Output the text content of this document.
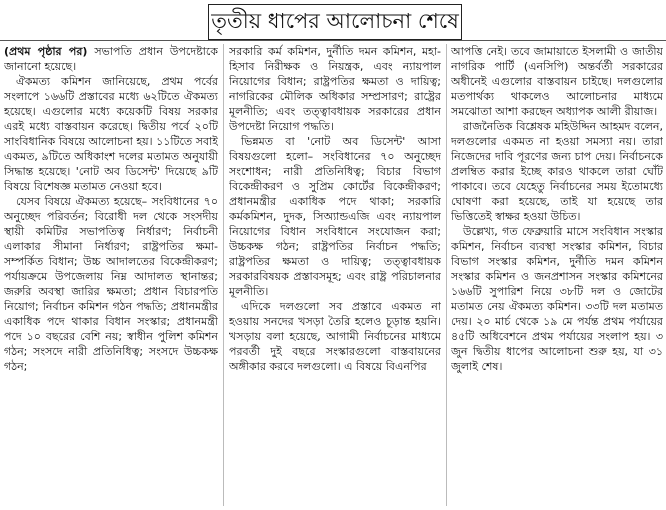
তৃতীয় ধাপের আলোচনা শেষে

(প্রথম পৃষ্ঠার পর) সভাপতি প্রধান উপদেষ্টাকে জানানো হয়েছে।

ঐকমত্য কমিশন জানিয়েছে, প্রথম পর্বের সংলাপে ১৬৬টি প্রস্তাবের মধ্যে ৬২টিতে ঐকমত্য হয়েছে। এগুলোর মধ্যে কয়েকটি বিষয় সরকার এরই মধ্যে বাস্তবায়ন করেছে। দ্বিতীয় পর্বে ২০টি সাংবিধানিক বিষয়ে আলোচনা হয়। ১১টিতে সবাই একমত, ৯টিতে অধিকাংশ দলের মতামত অনুযায়ী সিদ্ধান্ত হয়েছে। 'নোট অব ডিসেন্ট' দিয়েছে ৯টি বিষয়ে বিশেষজ্ঞ মতামত নেওয়া হবে।

যেসব বিষয়ে ঐকমত্য হয়েছে– সংবিধানের ৭০ অনুচ্ছেদ পরিবর্তন; বিরোধী দল থেকে সংসদীয় স্থায়ী কমিটির সভাপতিত্ব নির্ধারণ; নির্বাচনী এলাকার সীমানা নির্ধারণ; রাষ্ট্রপতির ক্ষমা-সম্পর্কিত বিধান; উচ্চ আদালতের বিকেন্দ্রীকরণ; পর্যায়ক্রমে উপজেলায় নিম্ন আদালত স্থানান্তর; জরুরি অবস্থা জারির ক্ষমতা; প্রধান বিচারপতি নিয়োগ; নির্বাচন কমিশন গঠন পদ্ধতি; প্রধানমন্ত্রীর একাধিক পদে থাকার বিধান সংস্কার; প্রধানমন্ত্রী পদে ১০ বছরের বেশি নয়; স্বাধীন পুলিশ কমিশন গঠন; সংসদে নারী প্রতিনিধিত্ব; সংসদে উচ্চকক্ষ গঠন;

সরকারি কর্ম কমিশন, দুর্নীতি দমন কমিশন, মহা-হিসাব নিরীক্ষক ও নিয়ন্ত্রক, এবং ন্যায়পাল নিয়োগের বিধান; রাষ্ট্রপতির ক্ষমতা ও দায়িত্ব; নাগরিকের মৌলিক অধিকার সম্প্রসারণ; রাষ্ট্রের মূলনীতি; এবং তত্ত্বাবধায়ক সরকারের প্রধান উপদেষ্টা নিয়োগ পদ্ধতি।

ভিন্নমত বা 'নোট অব ডিসেন্ট' আসা বিষয়গুলো হলো– সংবিধানের ৭০ অনুচ্ছেদ সংশোধন; নারী প্রতিনিধিত্ব; বিচার বিভাগ বিকেন্দ্রীকরণ ও সুপ্রিম কোর্টের বিকেন্দ্রীকরণ; প্রধানমন্ত্রীর একাধিক পদে থাকা; সরকারি কর্মকমিশন, দুদক, সিঅ্যান্ডএজি এবং ন্যায়পাল নিয়োগের বিধান সংবিধানে সংযোজন করা; উচ্চকক্ষ গঠন; রাষ্ট্রপতির নির্বাচন পদ্ধতি; রাষ্ট্রপতির ক্ষমতা ও দায়িত্ব; তত্ত্বাবধায়ক সরকারবিষয়ক প্রস্তাবসমূহ; এবং রাষ্ট্র পরিচালনার মূলনীতি।

এদিকে দলগুলো সব প্রস্তাবে একমত না হওয়ায় সনদের খসড়া তৈরি হলেও চূড়ান্ত হয়নি। খসড়ায় বলা হয়েছে, আগামী নির্বাচনের মাধ্যমে পরবর্তী দুই বছরে সংস্কারগুলো বাস্তবায়নের অঙ্গীকার করবে দলগুলো। এ বিষয়ে বিএনপির

আপত্তি নেই। তবে জামায়াতে ইসলামী ও জাতীয় নাগরিক পার্টি (এনসিপি) অন্তর্বর্তী সরকারের অধীনেই এগুলোর বাস্তবায়ন চাইছে। দলগুলোর মতপার্থক্য থাকলেও আলোচনার মাধ্যমে সমঝোতা আশা করছেন অধ্যাপক আলী রীয়াজ।

রাজনৈতিক বিশ্লেষক মহিউদ্দিন আহমদ বলেন, দলগুলোর একমত না হওয়া সমস্যা নয়। তারা নিজেদের দাবি পূরণের জন্য চাপ দেয়। নির্বাচনকে প্রলম্বিত করার ইচ্ছে কারও থাকলে তারা ঘোঁট পাকাবে। তবে যেহেতু নির্বাচনের সময় ইতোমধ্যে ঘোষণা করা হয়েছে, তাই যা হয়েছে তার ভিত্তিতেই স্বাক্ষর হওয়া উচিত।

উল্লেখ্য, গত ফেব্রুয়ারি মাসে সংবিধান সংস্কার কমিশন, নির্বাচন ব্যবস্থা সংস্কার কমিশন, বিচার বিভাগ সংস্কার কমিশন, দুর্নীতি দমন কমিশন সংস্কার কমিশন ও জনপ্রশাসন সংস্কার কমিশনের ১৬৬টি সুপারিশ নিয়ে ৩৮টি দল ও জোটের মতামত নেয় ঐকমত্য কমিশন। ৩৩টি দল মতামত দেয়। ২০ মার্চ থেকে ১৯ মে পর্যন্ত প্রথম পর্যায়ের ৪৫টি অধিবেশনে প্রথম পর্যায়ের সংলাপ হয়। ৩ জুন দ্বিতীয় ধাপের আলোচনা শুরু হয়, যা ৩১ জুলাই শেষ।
